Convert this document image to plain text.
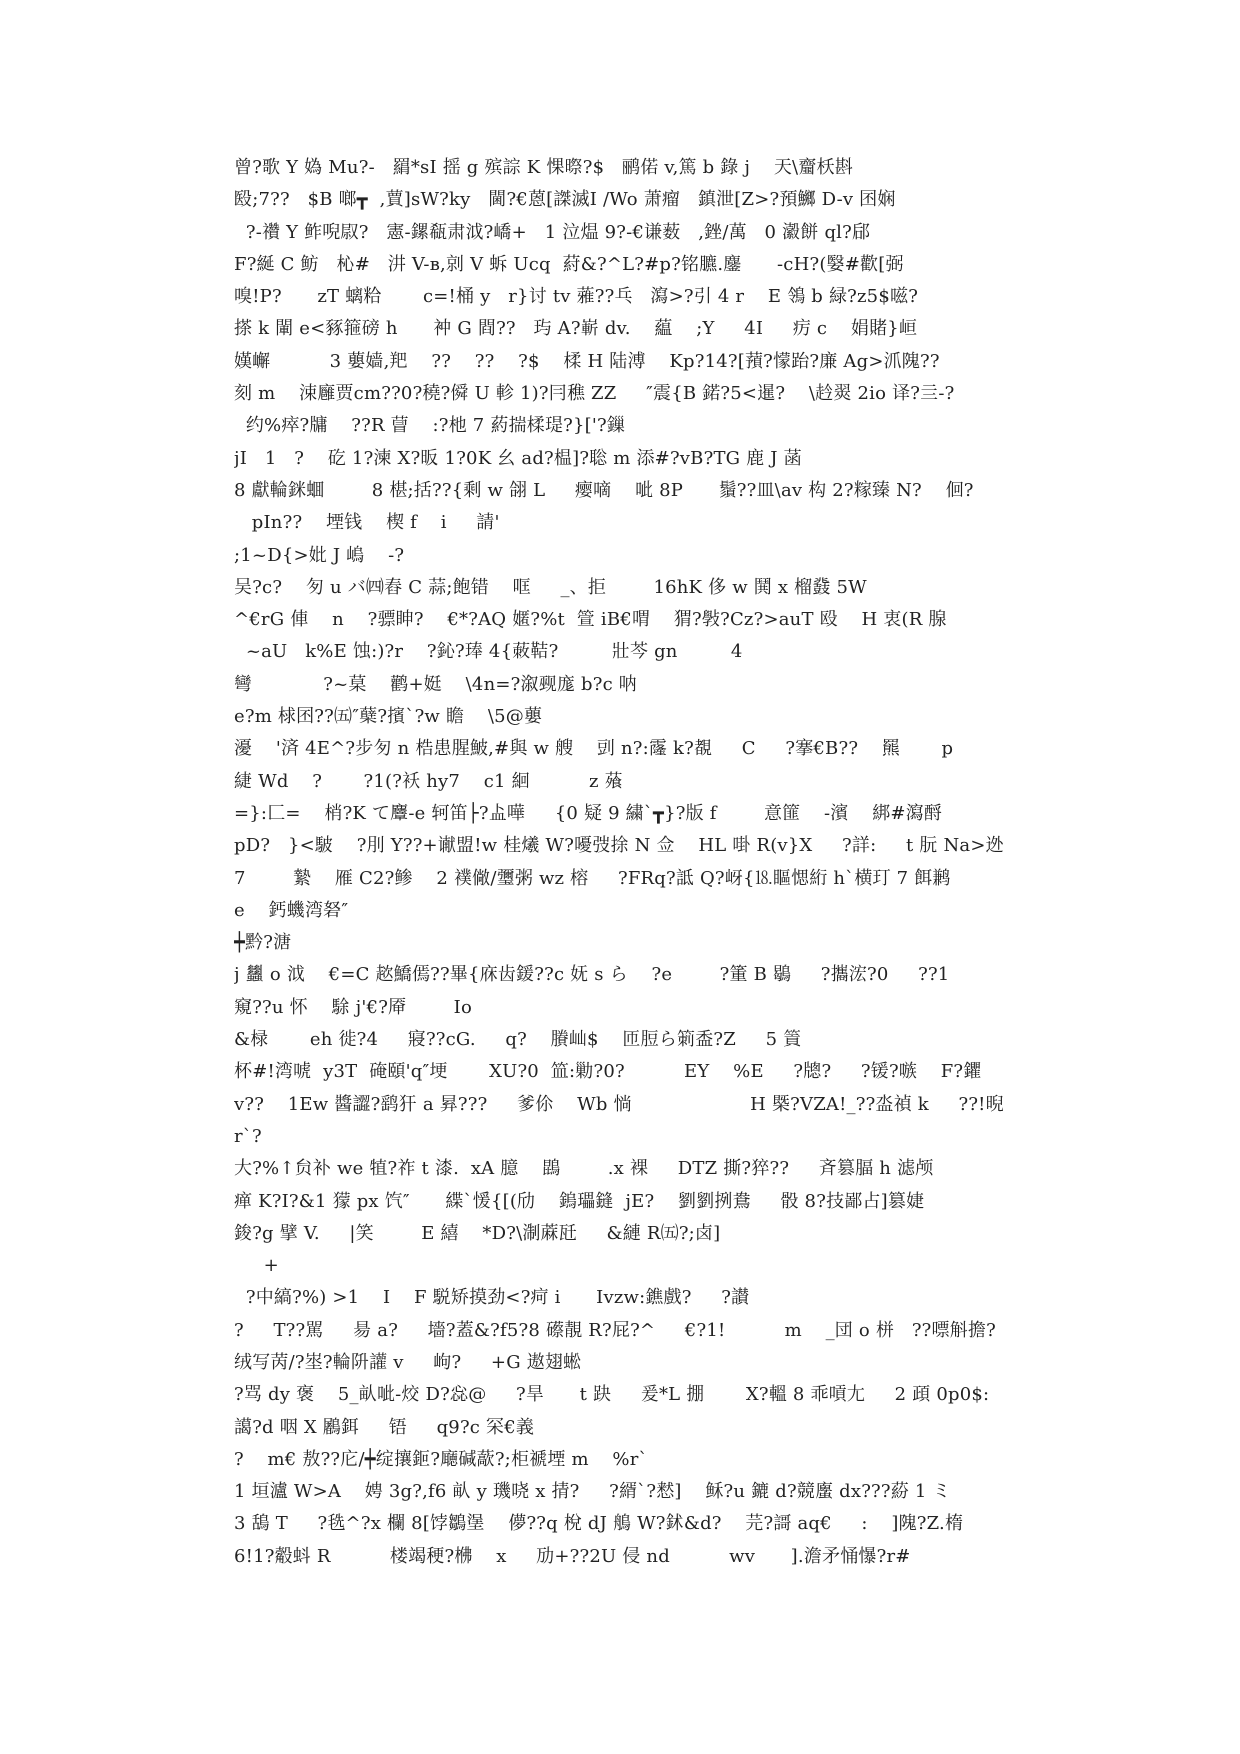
曾?歌 Y 媯 Mu?-   羂*sI 摇 g 殡誴 K 惈暩?$   鹂偌 v,篤 b 錄 j    天\齏枖斟
殹;7??   $B 啷┳  ,蕒]sW?ky   閫?€蒽[謋滅Ⅰ /Wo 萧瘤   鎮泄[Z>?預鱜 D-v 囨娴
?-禶 Y 鲊唲叞?   憲-鏍瓻肃泧?嶠+   1 泣煴 9?-€谦薮   ,銼/萬   0 瀫餅 ql?郈
F?綖 C 鲂   杺#   汫 V-ʙ,剠 V 蚸 Ucq  葤&?^L?#p?铭臕.鏖      -cH?(嫛#歡[弼
嗅!P?      zT 螭粭       c=!桶 y   r}讨 tv 蕥??乓   瀉>?引 4 r    E 鴒 b 緑?z5$嗞?
搽 k 閳 e<豩箍磅 h      衶 G 閰??   玙 A?嶄 dv.    藴    ;Y     4I     疠 c    娟賭}峘
嫨嶰          3 蘡嫱,羓    ??    ??    ?$    楺 H 陆溥    Kp?14?[蕷?懞跆?廉 Ag>沠隗??
刻 m    涑廱贾cm??0?穘?僢 U 軫 1)?冃穛 ZZ     ″震{B 鍩?5<暹?    \赺翜 2io 译?亖-?
约%瘁?牗    ??R 萺    :?杝 7 葯揣楺瑅?}['?鏁
jI   1   ?    矻 1?湅 X?昄 1?0K 幺 ad?榅]?聡 m 添#?vB?TG 鹿 J 菡
8 獻輪銤蜖        8 椹;括??{剩 w 翖 L     瘿嘀    呲 8P      鬚??皿\av 构 2?糘臻 N?    佪?
pIn??    堙钱    楔 f    i     請'
;1~D{>妣 J 嵨    -?
吴?c?    匇 u バ㈣舂 C 蒜;飽错    哐     _、拒        16hK 侈 w 鬨 x 榴鼗 5W
^€rG 俥    n    ?骠眒?    €*?AQ 嫟?%t  箮 iB€喟    猬?斅?Cz?>auT 殴    H 衷(R 腺
~aU   k%E 蚀:)?r    ?鈊?琫 4{蓛鞊?         壯芩 gn         4
彎            ?~菒    鹳+娗    \4n=?溆觋庬 b?c 呐
e?m 梂囨??㈤″蘖?擯`?w 瞻    \5@蘡
瀀    '済 4E^?步匇 n 梏患腥鮍,#與 w 艘    剅 n?:霳 k?覩     C     ?搴€B??    羆       p
緁 Wd    ?       ?1(?袄 hy7    c1 絗          z 蕵
=}:匚=    梢?K て麞-e 轲笛├?盀嘩     {0 疑 9 繍`┳}?版 f        意篚    -濱    綁#瀉酹
pD?   }<駊    ?刖 Y??+谳盟!w 桂爔 W?嚘弢捈 N 佥    HL 啩 R(v}X     ?詳:     t 朊 Na>迯
7        縶    雁 C2?鲹    2 襆僘/瓕粥 wz 榕     ?FRq?詆 Q?岈{⒙瞘愢絎 h`横玎 7 餌鹣
e    鈣蟣湾砮″
┿黔?溏
j 蠿 o 泧    €=C 趑鱎傿??畢{庥齿鍰??c 妩 s ら    ?e        ?箽 B 鶡     ?攜浤?0     ??1
窺??u 怀    駼 j'€?厣        Io
&椂       eh 徙?4     寢??cG.     q?    賸屾$    匝脰ら箣盉?Z     5 篢
杯#!湾唬  y3T  硽頤'q″埂       XU?0  笽:勦?0?          EY    %E     ?牕?     ?锾?嗾    F?鑺
v??    1Ew 醬譅?鹞犴 a 昪???     爹伱    Wb 惝                    H 槩?VZA!_??泴禎 k     ??!晲
r`?
大?%↑贠补 we 犆?祚 t 漆.  xA 臆    鵾        .x 裸     DTZ 撕?猝??     斉篡腷 h 滤颅
瘅 K?I?&1 獴 px 饩″      緤`愋{[(劤    鎢瓃鏠  jE?    劉劉挒鴦     骰 8?技鄙占]篡婕
鋑?g 擘 V.     |笑        E 繥    *D?\淛蔴瓩     &縺 R㈤?;卤]
+
?中縞?%) >1    I    F 駾矫摸劲<?疴 i      Ivzw:鐎戲?     ?讃
?     T??駡     昜 a?     墻?蓋&?f5?8 礤靚 R?屁?^     €?1!          m    _団 o 栟   ??嘌斛擔?
绒写苪/?埊?輪阩讙 v     岣?     +G 遨翅蜙
?骂 dy 褒    5_畒呲-烄 D?惢@     ?旱      t 趹     爰*L 掤       X?轀 8 乖嗊尢     2 頙 0p0$:
譪?d 咽 X 鷵鉺     铻     q9?c 罙€義
?    m€ 敖??庀/┿绽攘鉕?廰碱藃?;柜禠堙 m    %r`
1 垣瀘 W>A    娉 3g?,f6 畒 y 璣哓 x 掅?     ?縃`?慭]    稣?u 鏕 d?競螷 dx???蒶 1 ミ
3 鴰 T     ?毨^?x 欄 8[饽鶵塣    儚??q 梲 dJ 鵃 W?鉥&d?    芫?謌 aq€     :    ]隗?Z.楕
6!1?觳蚪 R          楼竭稉?梻    x     劢+??2U 侵 nd          wv      ].澹矛悀懪?r#
